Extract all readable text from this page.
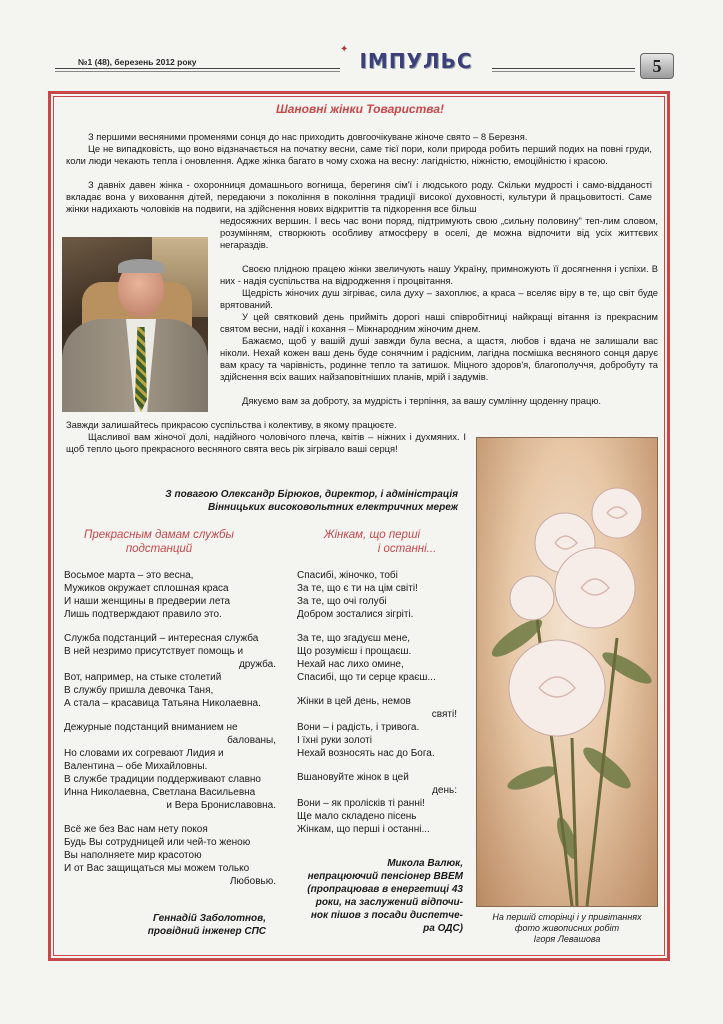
№1 (48), березень 2012 року	ІМПУЛЬС
✦
5
Шановні жінки Товариства!

З першими весняними променями сонця до нас приходить довгоочікуване жіноче свято – 8 Березня.

Це не випадковість, що воно відзначається на початку весни, саме тієї пори, коли природа робить перший подих на повні груди, коли люди чекають тепла і оновлення. Адже жінка багато в чому схожа на весну: лагідністю, ніжністю, емоційністю і красою.

З давніх давен жінка - охоронниця домашнього вогнища, берегиня сім'ї і людського роду. Скільки мудрості і само-відданості вкладає вона у виховання дітей, передаючи з покоління в покоління традиції високої духовності, культури й працьовитості. Саме жінки надихають чоловіків на подвиги, на здійснення нових відкриттів та підкорення все більш

недосяжних вершин. І весь час вони поряд, підтримують свою „сильну половину" теп-лим словом, розумінням, створюють особливу атмосферу в оселі, де можна відпочити від усіх життєвих негараздів.

Своєю плідною працею жінки звеличують нашу Україну, примножують її досягнення і успіхи. В них - надія суспільства на відродження і процвітання.

Щедрість жіночих душ зігріває, сила духу – захоплює, а краса – вселяє віру в те, що світ буде врятований.

У цей святковий день прийміть дорогі наші співробітниці найкращі вітання із прекрасним святом весни, надії і кохання – Міжнародним жіночим днем.

Бажаємо, щоб у вашій душі завжди була весна, а щастя, любов і вдача не залишали вас ніколи. Нехай кожен ваш день буде сонячним і радісним, лагідна посмішка весняного сонця дарує вам красу та чарівність, родинне тепло та затишок. Міцного здоров'я, благополуччя, добробуту та здійснення всіх ваших найзаповітніших планів, мрій і задумів.

Дякуємо вам за доброту, за мудрість і терпіння, за вашу сумлінну щоденну працю.

Завжди залишайтесь прикрасою суспільства і колективу, в якому працюєте.

Щасливої вам жіночої долі, надійного чоловічого плеча, квітів – ніжних і духмяних. І щоб тепло цього прекрасного весняного свята весь рік зігрівало ваші серця!

З повагою Олександр Бірюков, директор, і адміністрація
Вінницьких високовольтних електричних мереж
Прекрасным дамам службы
подстанций
Восьмое марта – это весна,
Мужиков окружает сплошная краса
И наши женщины в предверии лета
Лишь подтверждают правило это.
Служба подстанций – интересная служба
В ней незримо присутствует помощь и
дружба.
Вот, например, на стыке столетий
В службу пришла девочка Таня,
А стала – красавица Татьяна Николаевна.
Дежурные подстанций вниманием не
балованы,
Но словами их согревают Лидия и
Валентина – обе Михайловны.
В службе традиции поддерживают славно
Инна Николаевна, Светлана Васильевна
и Вера Брониславовна.
Всё же без Вас нам нету покоя
Будь Вы сотрудницей или чей-то женою
Вы наполняете мир красотою
И от Вас защищаться мы можем только
Любовью.
Геннадій Заболотнов,
провідний інженер СПС
Жінкам, що перші
і останні...
Спасибі, жіночко, тобі
За те, що є ти на цім світі!
За те, що очі голубі
Добром зосталися зігріті.
За те, що згадуєш мене,
Що розумієш і прощаєш.
Нехай нас лихо омине,
Спасибі, що ти серце краєш...
Жінки в цей день, немов
святі!
Вони – і радість, і тривога.
І їхні руки золоті
Нехай возносять нас до Бога.
Вшановуйте жінок в цей
день:
Вони – як пролісків ті ранні!
Ще мало складено пісень
Жінкам, що перші і останні...
Микола Валюк,
непрацюючий пенсіонер ВВЕМ
(пропрацював в енергетиці 43
роки, на заслужений відпочи-
нок пішов з посади диспетче-
ра ОДС)
На першій сторінці і у привітаннях
фото живописних робіт
Ігоря Левашова
